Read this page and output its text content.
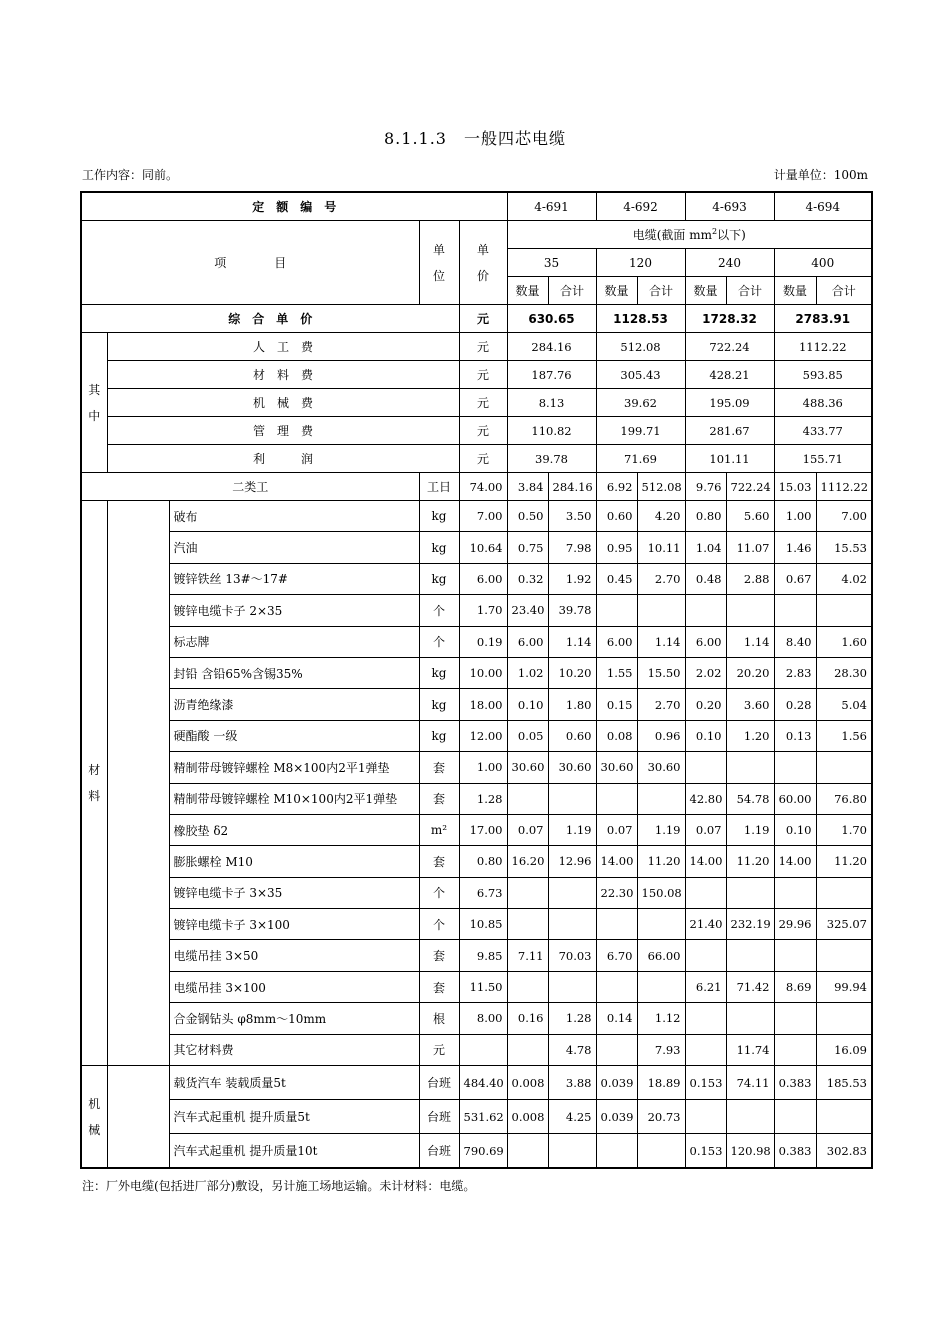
8.1.1.3　一般四芯电缆
工作内容：同前。	计量单位：100m
定　额　编　号					4-691		4-692		4-693		4-694	
项　　　　目			单位	单价	电缆(截面 $mm^2$以下)							
					35		120		240		400	
					数量	合计	数量	合计	数量	合计	数量	合计
综　合　单　价				元	630.65		1128.53		1728.32		2783.91	
其中	人　工　费			元	284.16		512.08		722.24		1112.22	
	材　料　费			元	187.76		305.43		428.21		593.85	
	机　械　费			元	8.13		39.62		195.09		488.36	
	管　理　费			元	110.82		199.71		281.67		433.77	
	利　　　润			元	39.78		71.69		101.11		155.71	
二类工			工日	74.00	3.84	284.16	6.92	512.08	9.76	722.24	15.03	1112.22
材料		破布	kg	7.00	0.50	3.50	0.60	4.20	0.80	5.60	1.00	7.00
		汽油	kg	10.64	0.75	7.98	0.95	10.11	1.04	11.07	1.46	15.53
		镀锌铁丝 13#～17#	kg	6.00	0.32	1.92	0.45	2.70	0.48	2.88	0.67	4.02
		镀锌电缆卡子 2×35	个	1.70	23.40	39.78						
		标志牌	个	0.19	6.00	1.14	6.00	1.14	6.00	1.14	8.40	1.60
		封铅 含铅65%含锡35%	kg	10.00	1.02	10.20	1.55	15.50	2.02	20.20	2.83	28.30
		沥青绝缘漆	kg	18.00	0.10	1.80	0.15	2.70	0.20	3.60	0.28	5.04
		硬酯酸 一级	kg	12.00	0.05	0.60	0.08	0.96	0.10	1.20	0.13	1.56
		精制带母镀锌螺栓 M8×100内2平1弹垫	套	1.00	30.60	30.60	30.60	30.60				
		精制带母镀锌螺栓 M10×100内2平1弹垫	套	1.28					42.80	54.78	60.00	76.80
		橡胶垫 δ2	m²	17.00	0.07	1.19	0.07	1.19	0.07	1.19	0.10	1.70
		膨胀螺栓 M10	套	0.80	16.20	12.96	14.00	11.20	14.00	11.20	14.00	11.20
		镀锌电缆卡子 3×35	个	6.73			22.30	150.08				
		镀锌电缆卡子 3×100	个	10.85					21.40	232.19	29.96	325.07
		电缆吊挂 3×50	套	9.85	7.11	70.03	6.70	66.00				
		电缆吊挂 3×100	套	11.50					6.21	71.42	8.69	99.94
		合金钢钻头 φ8mm～10mm	根	8.00	0.16	1.28	0.14	1.12				
		其它材料费	元			4.78		7.93		11.74		16.09
机械		载货汽车 装载质量5t	台班	484.40	0.008	3.88	0.039	18.89	0.153	74.11	0.383	185.53
		汽车式起重机 提升质量5t	台班	531.62	0.008	4.25	0.039	20.73				
		汽车式起重机 提升质量10t	台班	790.69					0.153	120.98	0.383	302.83
注：厂外电缆(包括进厂部分)敷设，另计施工场地运输。未计材料：电缆。
